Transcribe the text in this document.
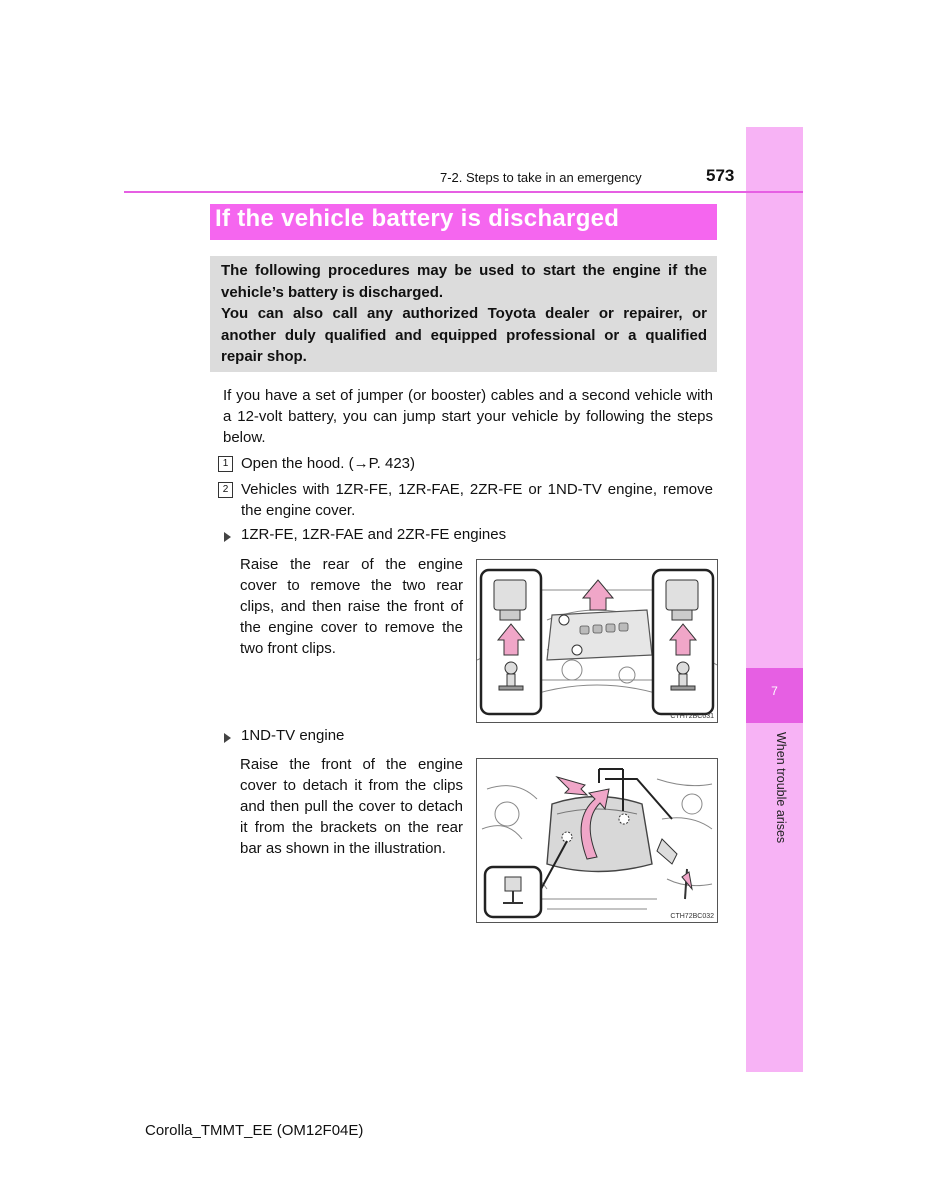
7
When trouble arises
7-2. Steps to take in an emergency	573
If the vehicle battery is discharged

The following procedures may be used to start the engine if the vehicle’s battery is discharged.

You can also call any authorized Toyota dealer or repairer, or another duly qualified and equipped professional or a qualified repair shop.

If you have a set of jumper (or booster) cables and a second vehicle with a 12-volt battery, you can jump start your vehicle by following the steps below.
1 Open the hood. (→P. 423)
2 Vehicles with 1ZR-FE, 1ZR-FAE, 2ZR-FE or 1ND-TV engine, remove the engine cover.
1ZR-FE, 1ZR-FAE and 2ZR-FE engines
Raise the rear of the engine cover to remove the two rear clips, and then raise the front of the engine cover to remove the two front clips.
CTH72BC031
1ND-TV engine
Raise the front of the engine cover to detach it from the clips and then pull the cover to detach it from the brackets on the rear bar as shown in the illustration.
CTH72BC032
Corolla_TMMT_EE (OM12F04E)
